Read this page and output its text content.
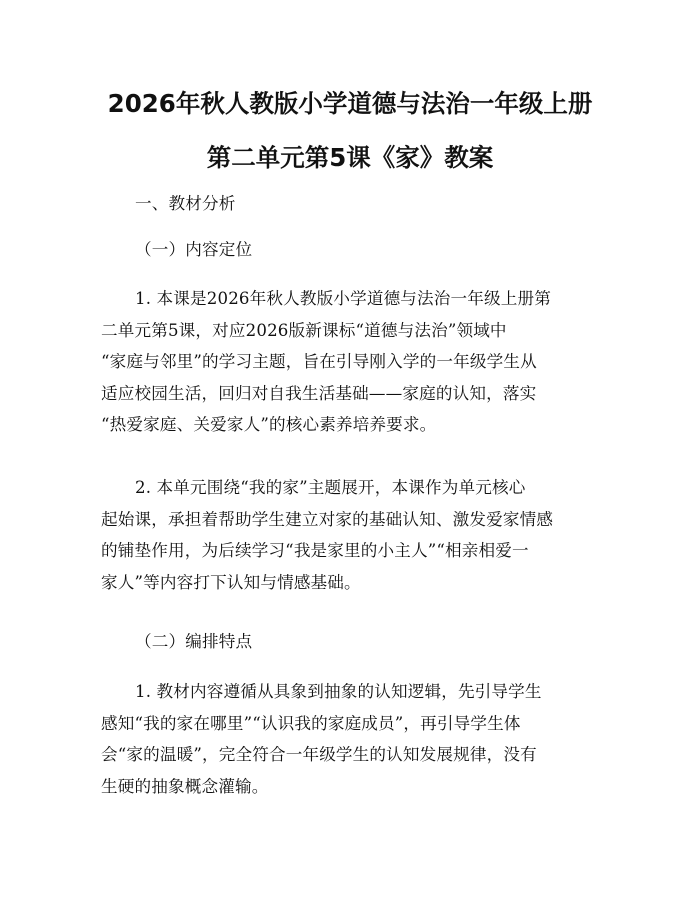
2026年秋人教版小学道德与法治一年级上册
第二单元第5课《家》教案
一、教材分析
（一）内容定位
1. 本课是2026年秋人教版小学道德与法治一年级上册第
二单元第5课，对应2026版新课标“道德与法治”领域中
“家庭与邻里”的学习主题，旨在引导刚入学的一年级学生从
适应校园生活，回归对自我生活基础——家庭的认知，落实
“热爱家庭、关爱家人”的核心素养培养要求。
2. 本单元围绕“我的家”主题展开，本课作为单元核心
起始课，承担着帮助学生建立对家的基础认知、激发爱家情感
的铺垫作用，为后续学习“我是家里的小主人”“相亲相爱一
家人”等内容打下认知与情感基础。
（二）编排特点
1. 教材内容遵循从具象到抽象的认知逻辑，先引导学生
感知“我的家在哪里”“认识我的家庭成员”，再引导学生体
会“家的温暖”，完全符合一年级学生的认知发展规律，没有
生硬的抽象概念灌输。
